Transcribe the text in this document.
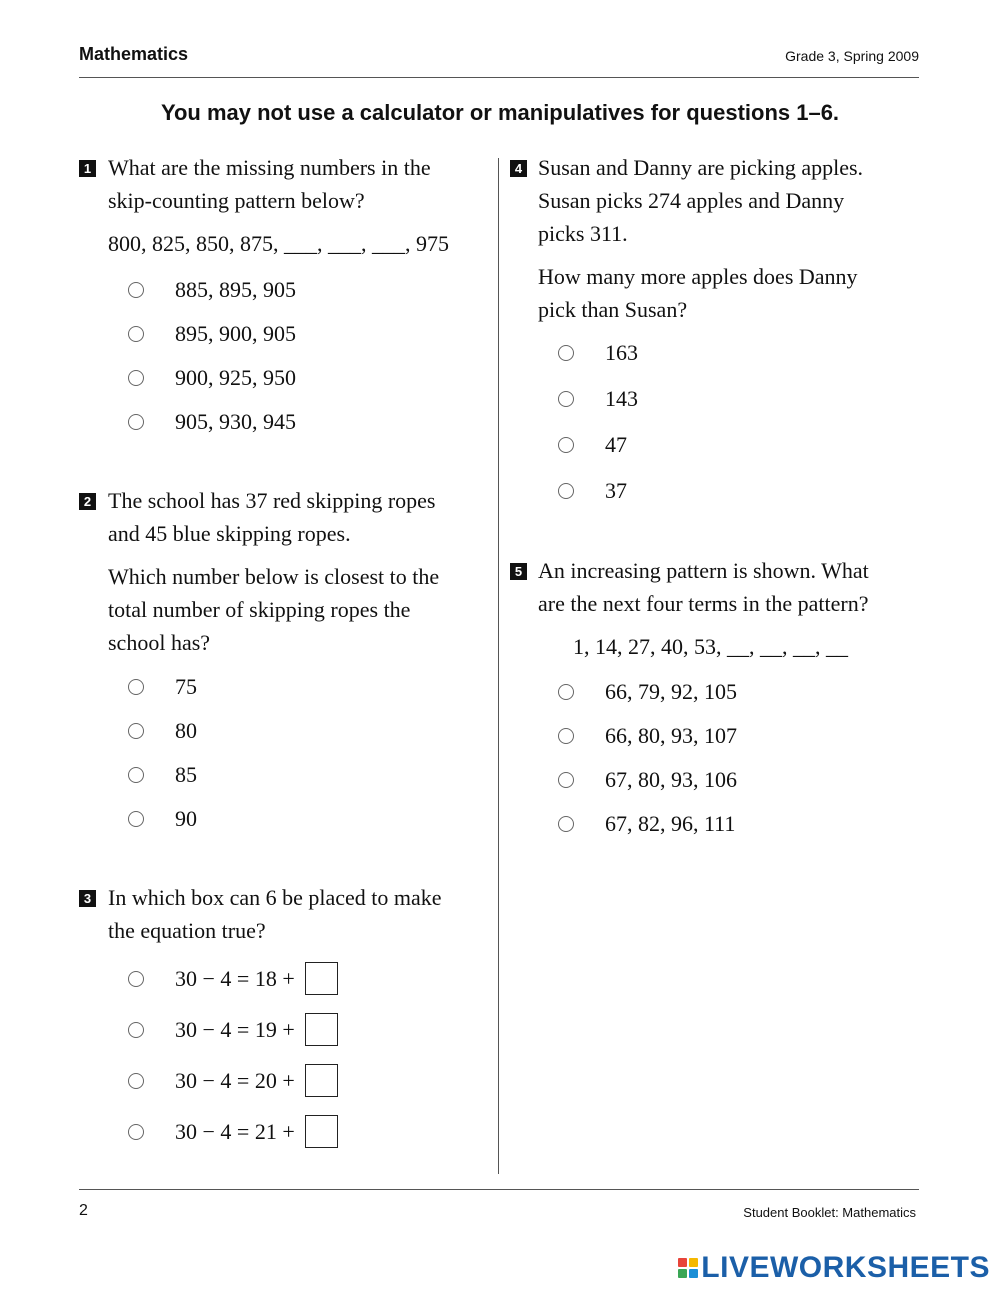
Mathematics	Grade 3, Spring 2009
You may not use a calculator or manipulatives for questions 1–6.
1 What are the missing numbers in the
skip-counting pattern below?
800, 825, 850, 875, ___, ___, ___, 975
885, 895, 905
895, 900, 905
900, 925, 950
905, 930, 945
2 The school has 37 red skipping ropes
and 45 blue skipping ropes.
Which number below is closest to the
total number of skipping ropes the
school has?
75
80
85
90
3 In which box can 6 be placed to make
the equation true?
30 − 4 = 18 +
30 − 4 = 19 +
30 − 4 = 20 +
30 − 4 = 21 +
4 Susan and Danny are picking apples.
Susan picks 274 apples and Danny
picks 311.
How many more apples does Danny
pick than Susan?
163
143
47
37
5 An increasing pattern is shown. What
are the next four terms in the pattern?
1, 14, 27, 40, 53, __, __, __, __
66, 79, 92, 105
66, 80, 93, 107
67, 80, 93, 106
67, 82, 96, 111
2	Student Booklet: Mathematics
LIVEWORKSHEETS
